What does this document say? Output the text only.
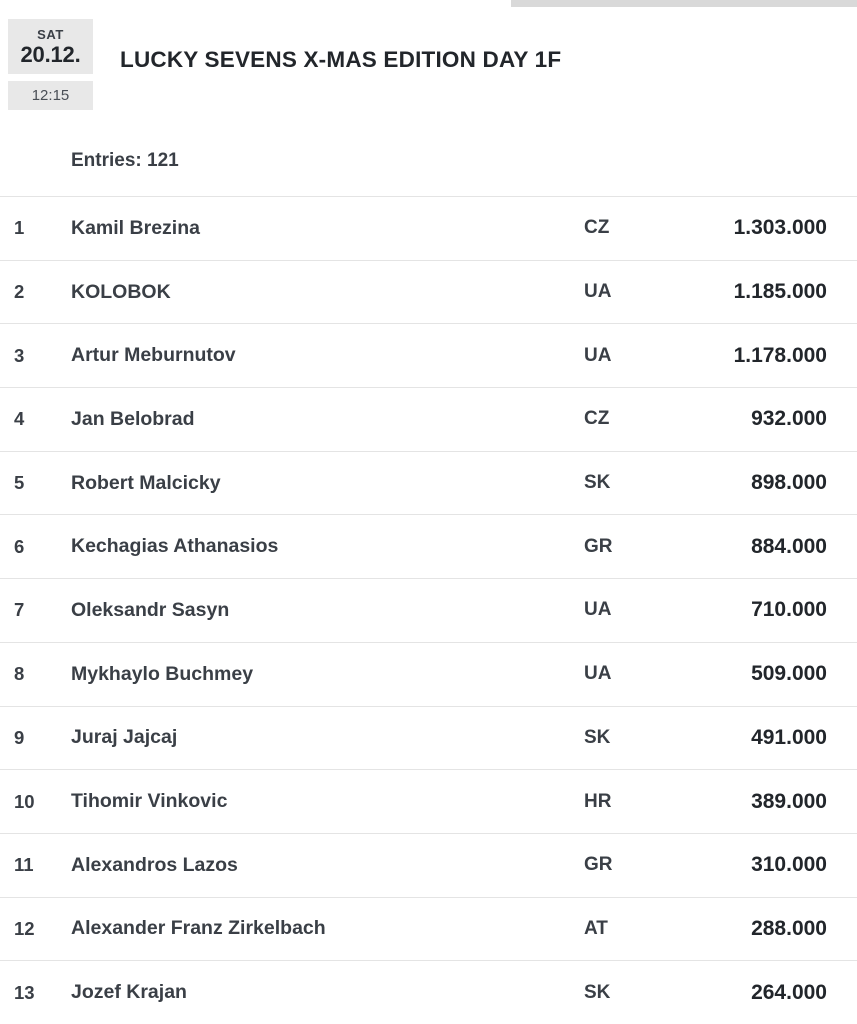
SAT
20.12.
12:15
LUCKY SEVENS X-MAS EDITION DAY 1F
Entries: 121
1 Kamil Brezina	CZ	1.303.000
2 KOLOBOK	UA	1.185.000
3 Artur Meburnutov	UA	1.178.000
4 Jan Belobrad	CZ	932.000
5 Robert Malcicky	SK	898.000
6 Kechagias Athanasios	GR	884.000
7 Oleksandr Sasyn	UA	710.000
8 Mykhaylo Buchmey	UA	509.000
9 Juraj Jajcaj	SK	491.000
10 Tihomir Vinkovic	HR	389.000
11 Alexandros Lazos	GR	310.000
12 Alexander Franz Zirkelbach	AT	288.000
13 Jozef Krajan	SK	264.000
